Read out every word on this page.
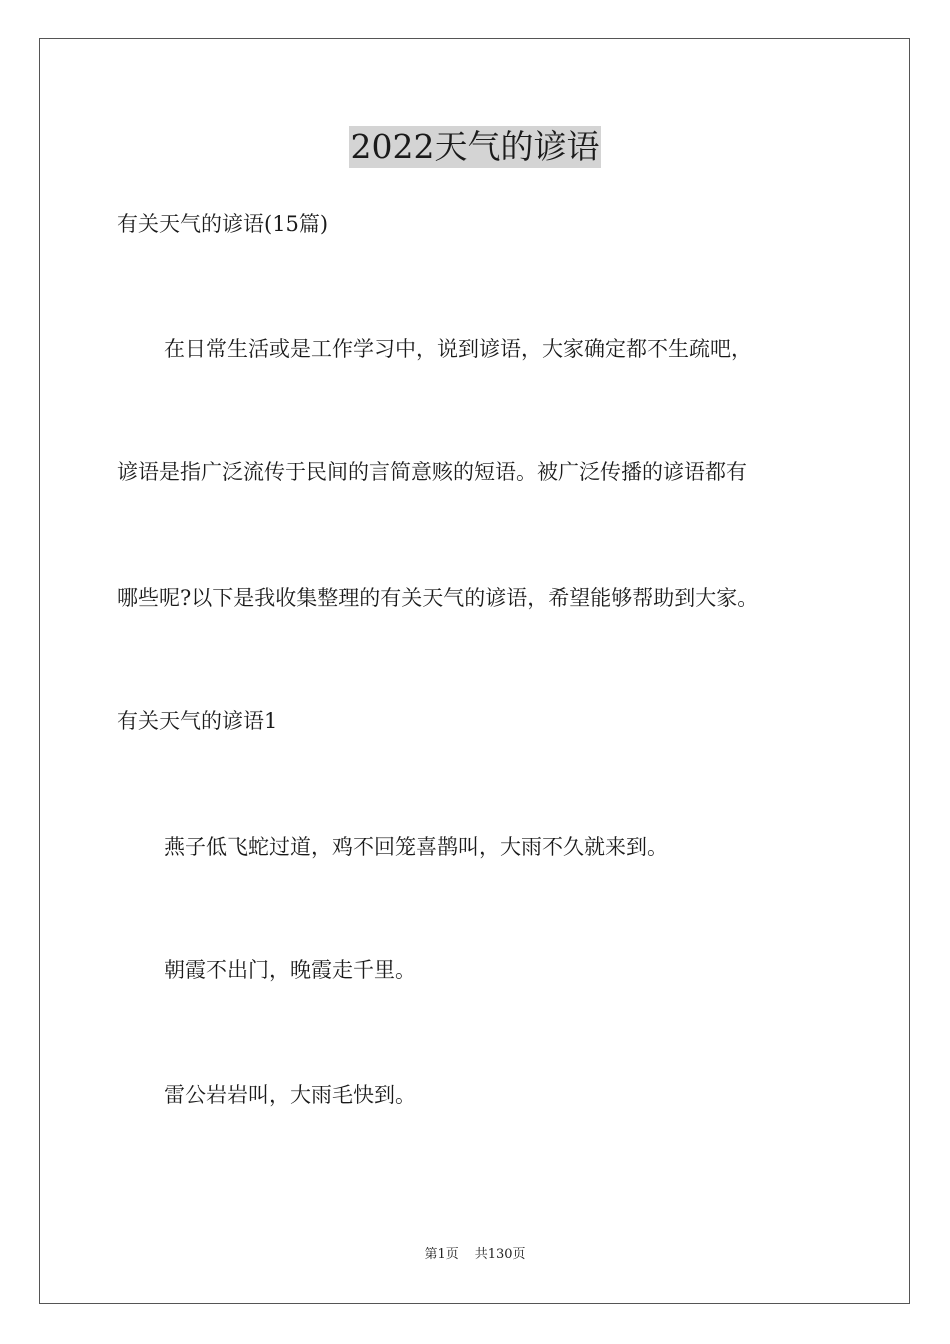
2022天气的谚语
有关天气的谚语(15篇)
在日常生活或是工作学习中，说到谚语，大家确定都不生疏吧，
谚语是指广泛流传于民间的言简意赅的短语。被广泛传播的谚语都有
哪些呢?以下是我收集整理的有关天气的谚语，希望能够帮助到大家。
有关天气的谚语1
燕子低飞蛇过道，鸡不回笼喜鹊叫，大雨不久就来到。
朝霞不出门，晚霞走千里。
雷公岩岩叫，大雨毛快到。
第1页 共130页
